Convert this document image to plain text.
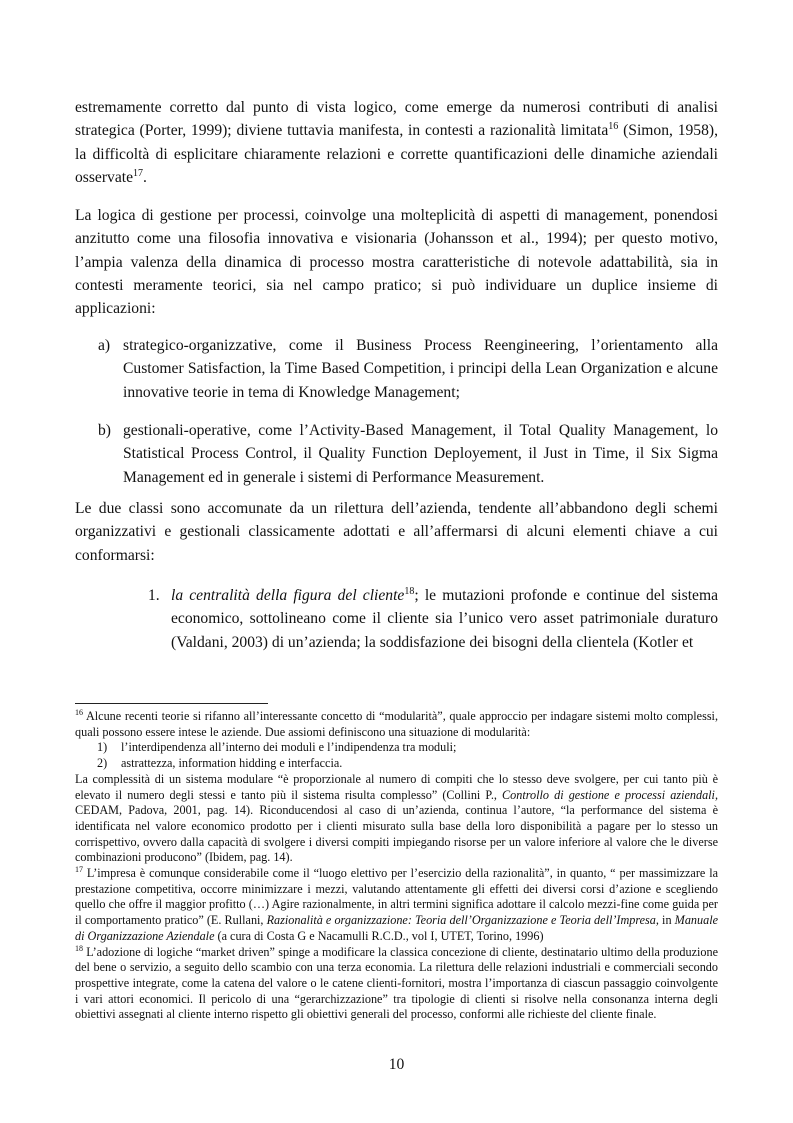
estremamente corretto dal punto di vista logico, come emerge da numerosi contributi di analisi strategica (Porter, 1999); diviene tuttavia manifesta, in contesti a razionalità limitata$^{16}$ (Simon, 1958), la difficoltà di esplicitare chiaramente relazioni e corrette quantificazioni delle dinamiche aziendali osservate$^{17}$.

La logica di gestione per processi, coinvolge una molteplicità di aspetti di management, ponendosi anzitutto come una filosofia innovativa e visionaria (Johansson et al., 1994); per questo motivo, l’ampia valenza della dinamica di processo mostra caratteristiche di notevole adattabilità, sia in contesti meramente teorici, sia nel campo pratico; si può individuare un duplice insieme di applicazioni:

a) strategico-organizzative, come il Business Process Reengineering, l’orientamento alla Customer Satisfaction, la Time Based Competition, i principi della Lean Organization e alcune innovative teorie in tema di Knowledge Management;
b) gestionali-operative, come l’Activity-Based Management, il Total Quality Management, lo Statistical Process Control, il Quality Function Deployement, il Just in Time, il Six Sigma Management ed in generale i sistemi di Performance Measurement.

Le due classi sono accomunate da un rilettura dell’azienda, tendente all’abbandono degli schemi organizzativi e gestionali classicamente adottati e all’affermarsi di alcuni elementi chiave a cui conformarsi:

1. la centralità della figura del cliente$^{18}$; le mutazioni profonde e continue del sistema economico, sottolineano come il cliente sia l’unico vero asset patrimoniale duraturo (Valdani, 2003) di un’azienda; la soddisfazione dei bisogni della clientela (Kotler et

$^{16}$ Alcune recenti teorie si rifanno all’interessante concetto di “modularità”, quale approccio per indagare sistemi molto complessi, quali possono essere intese le aziende. Due assiomi definiscono una situazione di modularità:

1) l’interdipendenza all’interno dei moduli e l’indipendenza tra moduli;

2) astrattezza, information hidding e interfaccia.

La complessità di un sistema modulare “è proporzionale al numero di compiti che lo stesso deve svolgere, per cui tanto più è elevato il numero degli stessi e tanto più il sistema risulta complesso” (Collini P., Controllo di gestione e processi aziendali, CEDAM, Padova, 2001, pag. 14). Riconducendosi al caso di un’azienda, continua l’autore, “la performance del sistema è identificata nel valore economico prodotto per i clienti misurato sulla base della loro disponibilità a pagare per lo stesso un corrispettivo, ovvero dalla capacità di svolgere i diversi compiti impiegando risorse per un valore inferiore al valore che le diverse combinazioni producono” (Ibidem, pag. 14).

$^{17}$ L’impresa è comunque considerabile come il “luogo elettivo per l’esercizio della razionalità”, in quanto, “ per massimizzare la prestazione competitiva, occorre minimizzare i mezzi, valutando attentamente gli effetti dei diversi corsi d’azione e scegliendo quello che offre il maggior profitto (…) Agire razionalmente, in altri termini significa adottare il calcolo mezzi-fine come guida per il comportamento pratico” (E. Rullani, Razionalità e organizzazione: Teoria dell’Organizzazione e Teoria dell’Impresa, in Manuale di Organizzazione Aziendale (a cura di Costa G e Nacamulli R.C.D., vol I, UTET, Torino, 1996)

$^{18}$ L’adozione di logiche “market driven” spinge a modificare la classica concezione di cliente, destinatario ultimo della produzione del bene o servizio, a seguito dello scambio con una terza economia. La rilettura delle relazioni industriali e commerciali secondo prospettive integrate, come la catena del valore o le catene clienti-fornitori, mostra l’importanza di ciascun passaggio coinvolgente i vari attori economici. Il pericolo di una “gerarchizzazione” tra tipologie di clienti si risolve nella consonanza interna degli obiettivi assegnati al cliente interno rispetto gli obiettivi generali del processo, conformi alle richieste del cliente finale.

10
